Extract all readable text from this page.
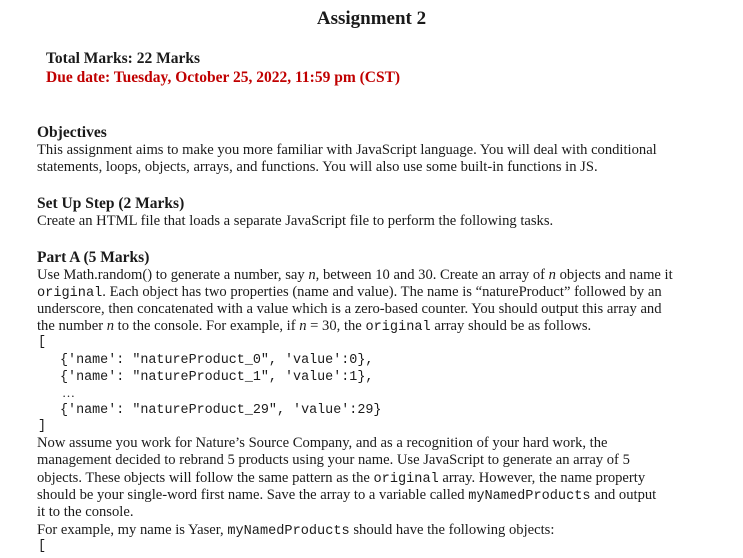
Assignment 2
Total Marks: 22 Marks
Due date: Tuesday, October 25, 2022, 11:59 pm (CST)
Objectives
This assignment aims to make you more familiar with JavaScript language. You will deal with conditional
statements, loops, objects, arrays, and functions. You will also use some built-in functions in JS.
Set Up Step (2 Marks)
Create an HTML file that loads a separate JavaScript file to perform the following tasks.
Part A (5 Marks)
Use Math.random() to generate a number, say n, between 10 and 30. Create an array of n objects and name it
original. Each object has two properties (name and value). The name is “natureProduct” followed by an
underscore, then concatenated with a value which is a zero-based counter. You should output this array and
the number n to the console. For example, if n = 30, the original array should be as follows.
[
{'name': "natureProduct_0", 'value':0},
{'name': "natureProduct_1", 'value':1},
…
{'name': "natureProduct_29", 'value':29}
]
Now assume you work for Nature’s Source Company, and as a recognition of your hard work, the
management decided to rebrand 5 products using your name. Use JavaScript to generate an array of 5
objects. These objects will follow the same pattern as the original array. However, the name property
should be your single-word first name. Save the array to a variable called myNamedProducts and output
it to the console.
For example, my name is Yaser, myNamedProducts should have the following objects:
[
